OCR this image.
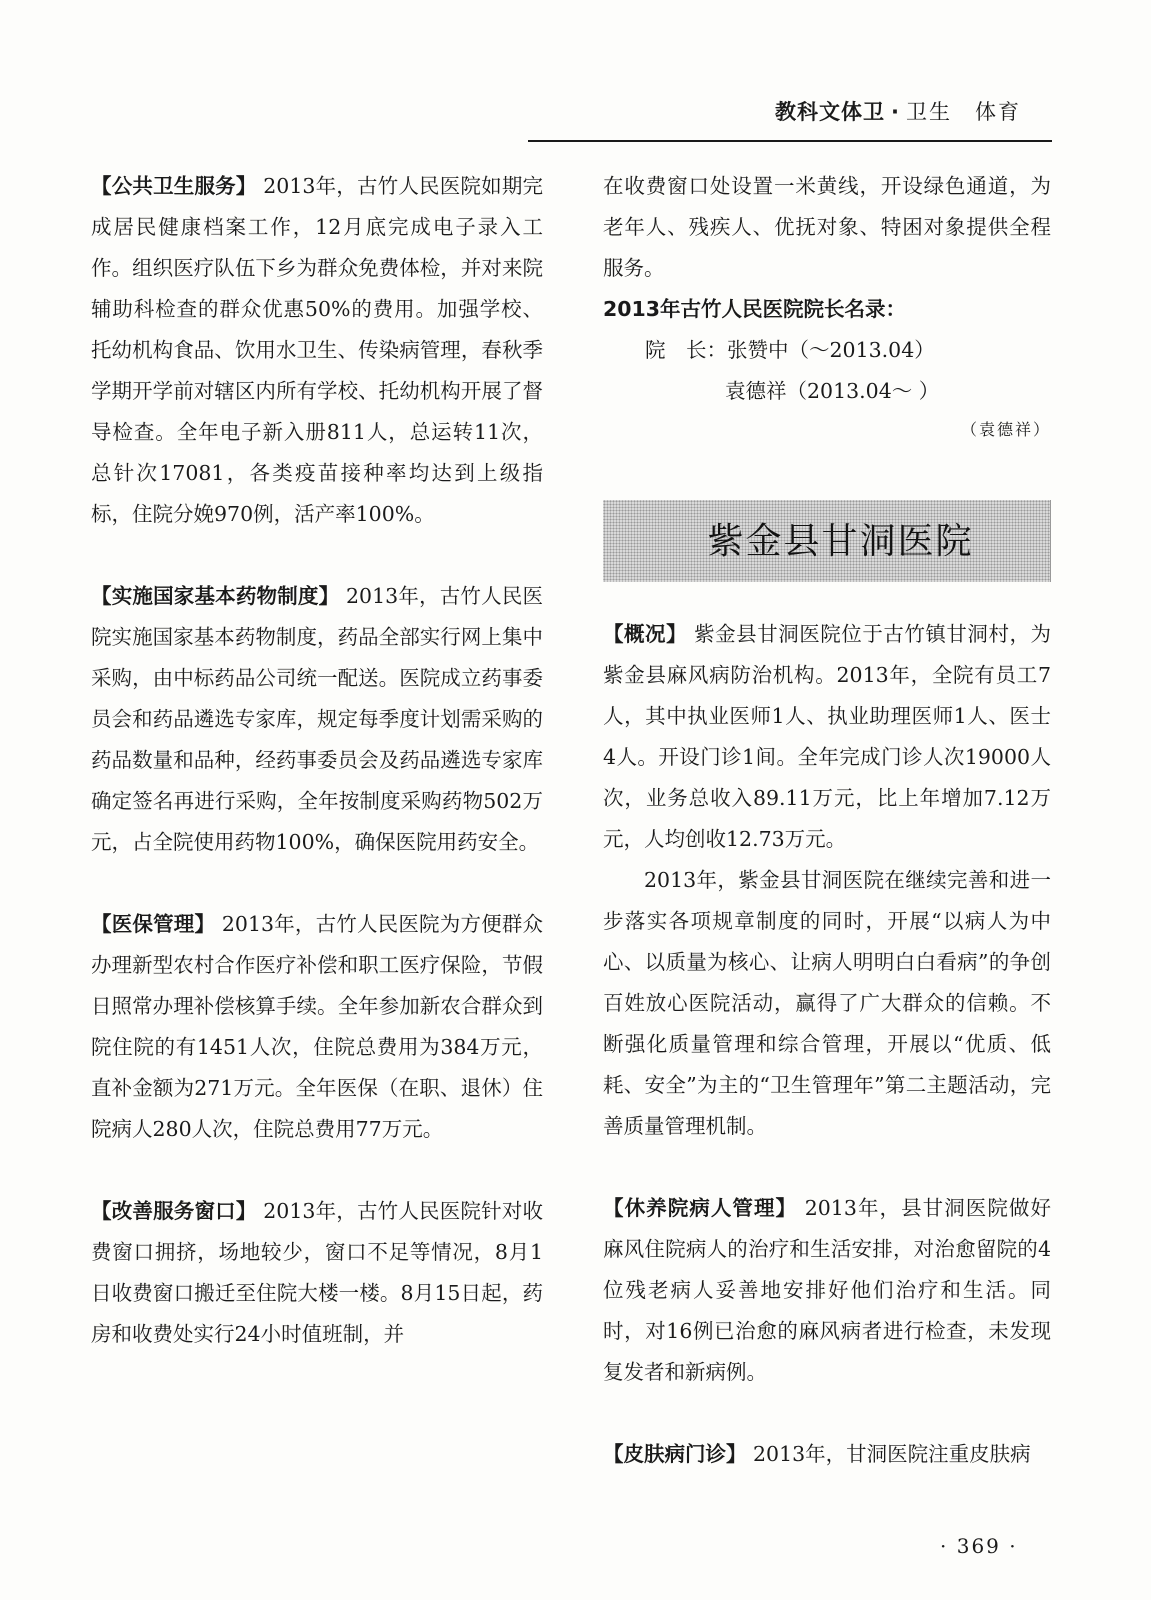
教科文体卫 · 卫生　体育

【公共卫生服务】 2013年，古竹人民医院如期完成居民健康档案工作，12月底完成电子录入工作。组织医疗队伍下乡为群众免费体检，并对来院辅助科检查的群众优惠50%的费用。加强学校、托幼机构食品、饮用水卫生、传染病管理，春秋季学期开学前对辖区内所有学校、托幼机构开展了督导检查。全年电子新入册811人，总运转11次，总针次17081，各类疫苗接种率均达到上级指标，住院分娩970例，活产率100%。

【实施国家基本药物制度】 2013年，古竹人民医院实施国家基本药物制度，药品全部实行网上集中采购，由中标药品公司统一配送。医院成立药事委员会和药品遴选专家库，规定每季度计划需采购的药品数量和品种，经药事委员会及药品遴选专家库确定签名再进行采购，全年按制度采购药物502万元，占全院使用药物100%，确保医院用药安全。

【医保管理】 2013年，古竹人民医院为方便群众办理新型农村合作医疗补偿和职工医疗保险，节假日照常办理补偿核算手续。全年参加新农合群众到院住院的有1451人次，住院总费用为384万元，直补金额为271万元。全年医保（在职、退休）住院病人280人次，住院总费用77万元。

【改善服务窗口】 2013年，古竹人民医院针对收费窗口拥挤，场地较少，窗口不足等情况，8月1日收费窗口搬迁至住院大楼一楼。8月15日起，药房和收费处实行24小时值班制，并

在收费窗口处设置一米黄线，开设绿色通道，为老年人、残疾人、优抚对象、特困对象提供全程服务。

2013年古竹人民医院院长名录：
院　长：张赞中（～2013.04）
袁德祥（2013.04～ ）
（袁德祥）
紫金县甘洞医院

【概况】 紫金县甘洞医院位于古竹镇甘洞村，为紫金县麻风病防治机构。2013年，全院有员工7人，其中执业医师1人、执业助理医师1人、医士4人。开设门诊1间。全年完成门诊人次19000人次，业务总收入89.11万元，比上年增加7.12万元，人均创收12.73万元。

2013年，紫金县甘洞医院在继续完善和进一步落实各项规章制度的同时，开展“以病人为中心、以质量为核心、让病人明明白白看病”的争创百姓放心医院活动，赢得了广大群众的信赖。不断强化质量管理和综合管理，开展以“优质、低耗、安全”为主的“卫生管理年”第二主题活动，完善质量管理机制。

【休养院病人管理】 2013年，县甘洞医院做好麻风住院病人的治疗和生活安排，对治愈留院的4位残老病人妥善地安排好他们治疗和生活。同时，对16例已治愈的麻风病者进行检查，未发现复发者和新病例。

【皮肤病门诊】 2013年，甘洞医院注重皮肤病

· 369 ·
